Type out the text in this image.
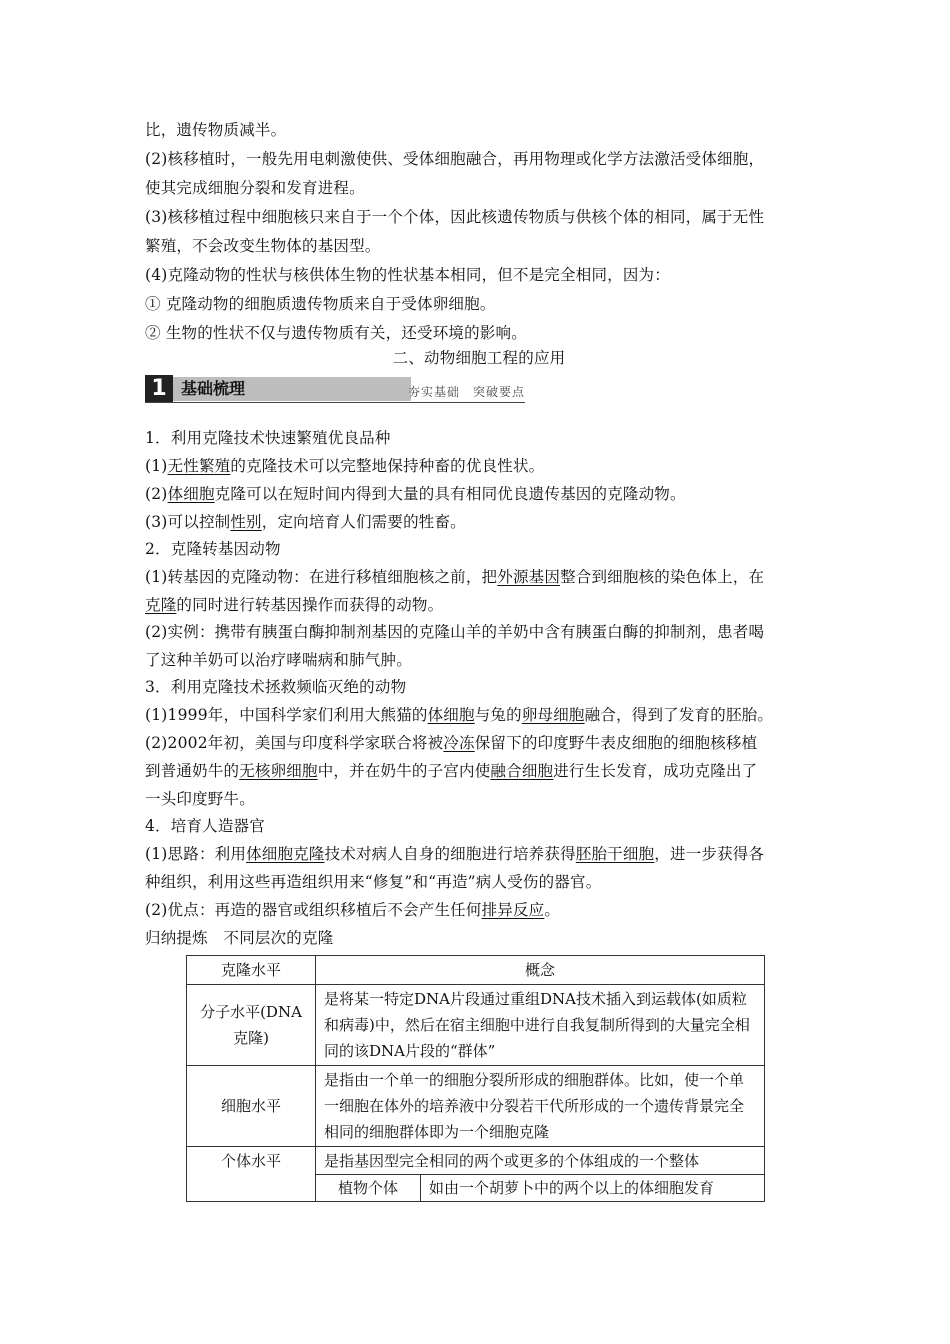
比，遗传物质减半。
(2)核移植时，一般先用电刺激使供、受体细胞融合，再用物理或化学方法激活受体细胞，
使其完成细胞分裂和发育进程。
(3)核移植过程中细胞核只来自于一个个体，因此核遗传物质与供核个体的相同，属于无性
繁殖，不会改变生物体的基因型。
(4)克隆动物的性状与核供体生物的性状基本相同，但不是完全相同，因为：
① 克隆动物的细胞质遗传物质来自于受体卵细胞。
② 生物的性状不仅与遗传物质有关，还受环境的影响。
二、动物细胞工程的应用
1 基础梳理	夯实基础　突破要点
1．利用克隆技术快速繁殖优良品种
(1)无性繁殖的克隆技术可以完整地保持种畜的优良性状。
(2)体细胞克隆可以在短时间内得到大量的具有相同优良遗传基因的克隆动物。
(3)可以控制性别，定向培育人们需要的牲畜。
2．克隆转基因动物
(1)转基因的克隆动物：在进行移植细胞核之前，把外源基因整合到细胞核的染色体上，在
克隆的同时进行转基因操作而获得的动物。
(2)实例：携带有胰蛋白酶抑制剂基因的克隆山羊的羊奶中含有胰蛋白酶的抑制剂，患者喝
了这种羊奶可以治疗哮喘病和肺气肿。
3．利用克隆技术拯救频临灭绝的动物
(1)1999年，中国科学家们利用大熊猫的体细胞与兔的卵母细胞融合，得到了发育的胚胎。
(2)2002年初，美国与印度科学家联合将被冷冻保留下的印度野牛表皮细胞的细胞核移植
到普通奶牛的无核卵细胞中，并在奶牛的子宫内使融合细胞进行生长发育，成功克隆出了
一头印度野牛。
4．培育人造器官
(1)思路：利用体细胞克隆技术对病人自身的细胞进行培养获得胚胎干细胞，进一步获得各
种组织，利用这些再造组织用来“修复”和“再造”病人受伤的器官。
(2)优点：再造的器官或组织移植后不会产生任何排异反应。
归纳提炼　不同层次的克隆
克隆水平	概念
分子水平(DNA克隆)	是将某一特定DNA片段通过重组DNA技术插入到运载体(如质粒和病毒)中，然后在宿主细胞中进行自我复制所得到的大量完全相同的该DNA片段的“群体”
细胞水平	是指由一个单一的细胞分裂所形成的细胞群体。比如，使一个单一细胞在体外的培养液中分裂若干代所形成的一个遗传背景完全相同的细胞群体即为一个细胞克隆
个体水平	是指基因型完全相同的两个或更多的个体组成的一个整体
植物个体 如由一个胡萝卜中的两个以上的体细胞发育
